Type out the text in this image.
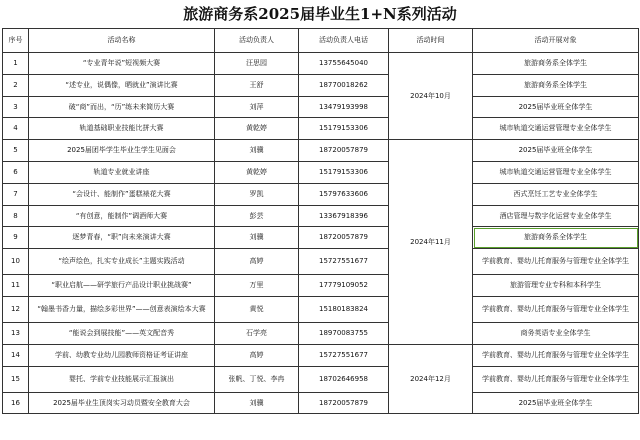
旅游商务系2025届毕业生1+N系列活动
序号	活动名称	活动负责人	活动负责人电话	活动时间	活动开展对象
1	“专业青年说”短视频大赛	汪思园	13755645040	2024年10月	旅游商务系全体学生
2	“述专业，说偶像，晒就业”演讲比赛	王舒	18770018262		旅游商务系全体学生
3	破“商”而出，“历”练未来简历大赛	刘萍	13479193998		2025届毕业班全体学生
4	轨道基础职业技能比拼大赛	黄乾婷	15179153306		城市轨道交通运营管理专业全体学生
5	2025届团毕学生毕业生学生见面会	刘骥	18720057879	2024年11月	2025届毕业班全体学生
6	轨道专业就业讲座	黄乾婷	15179153306		城市轨道交通运营管理专业全体学生
7	“会设计、能制作”蛋糕裱花大赛	罗凯	15797633606		西式烹饪工艺专业全体学生
8	“有创意，能制作”调酒师大赛	彭芸	13367918396		酒店管理与数字化运营专业全体学生
9	逐梦青春，“职”向未来演讲大赛	刘骥	18720057879		旅游商务系全体学生
10	“绘声绘色，扎实专业成长”主题实践活动	高婷	15727551677		学前教育、婴幼儿托育服务与管理专业全体学生
11	“职业启航——研学旅行产品设计职业挑战赛”	万里	17779109052		旅游管理专业专科和本科学生
12	“翰墨书香力量，描绘多彩世界”——创意表演绘本大赛	黄悦	15180183824		学前教育、婴幼儿托育服务与管理专业全体学生
13	“能说会到展技能”——英文配音秀	石学亮	18970083755		商务英语专业全体学生
14	学前、幼教专业幼儿园教师资格证考证讲座	高婷	15727551677	2024年12月	学前教育、婴幼儿托育服务与管理专业全体学生
15	婴托、学前专业技能展示汇报演出	张帆、丁悦、李冉	18702646958		学前教育、婴幼儿托育服务与管理专业全体学生
16	2025届毕业生顶岗实习动员暨安全教育大会	刘骥	18720057879		2025届毕业班全体学生
